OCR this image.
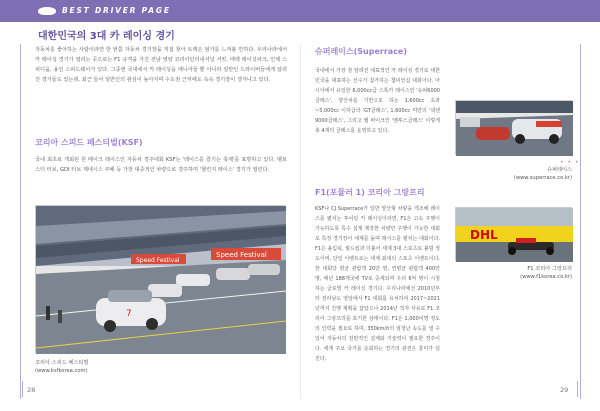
BEST DRIVER PAGE
대한민국의 3대 카 레이싱 경기
자동차를 좋아하는 사람이라면 한 번쯤 자동차 경기장을 직접 찾아 트랙은 엄가를 느껴볼 만하다. 우리나라에서 카 레이싱 경기가 열리는 곳으로는 F1 규격을 가진 전남 영암 코리아인터내셔널 서킷, 태백 레이싱파크, 인제 스피디움, 용인 스피드웨이가 있다. 그중엔 국내에서 카 레이싱을 매니아들 뿐 아니라 일반인 드라이버들에게 알려진 경기들도 있는데, 최근 들어 일반인의 관심이 높아지며 수도권 근처에도 속속 경기장이 생겨나고 있다.
코리아 스피드 페스티벌(KSF)
국내 최초로 개최된 원 메이크 레이스인 자동차 경주대회 KSF는 '레이스를 즐기는 축제'를 표방하고 있다. 벨로스터 터보, GDI 터보 제네시스 쿠페 등 가장 대중적인 차량으로 경주하며 '챌린지 레이스' 경기가 열린다.
Speed Festival
Speed Festival
7
코리아 스피드 페스티벌 (www.ksfkorea.com)
28
슈퍼레이스(Superrace)
국내에서 가장 잘 알려진 대표적인 카 레이싱 경기로 대한민국을 대표하는 선수가 참가하는 챔피언십 대회이다. 아시아에서 유일한 6,000cc급 스톡카 레이스인 '슈퍼6000클래스', 양산차를 기반으로 하는 1,600cc 초과~5,000cc 이하급의 'GT클래스', 1,600cc 미만의 '넥센9000클래스', 그리고 랩 바이크인 '벤투스클래스' 이렇게 총 4개의 클래스를 운영하고 있다.
• • •
슈퍼레이스 (www.superrace.co.kr)
F1(포뮬러 1) 코리아 그랑프리
KSF나 CJ Superrace가 일반 양산형 차량을 개조해 레이스를 펼치는 투어링 카 레이싱이라면, F1은 고속 주행이 가능하도록 특수 설계 제작한 차량만 주행이 가능한 대회로 특정 경기장이 세계를 돌며 레이스를 펼치는 대회이다. F1은 올림픽, 월드컵과 더불어 세계 3대 스포츠로 불릴 정도이며, 단일 이벤트로는 세계 최대의 스포츠 이벤트이다. 한 대회당 평균 관람객 20만 명, 연평균 관람객 400만 명, 매년 188개국에 TV로 중계되며 우리 6억 명이 시청하는 글로벌 카 레이싱 경기다. 우리나라에선 2010년부터 전라남도 영암에서 F1 대회를 유치하여 2017~2021년까지 진행 계획을 잡았으나 2014년 적자 사유로 F1 코리아 그랑프리를 포기한 상태이다. F1은 1,000여명 정도의 인력을 필요로 하며, 350km/h의 엄청난 속도를 낼 수 있어 자동차의 전반적인 설계와 기술력이 필요한 경주이다. 세계 주요 국가를 순회하는 경기의 관전은 흥미가 넘친다.
DHL
F1 코리아 그랑프리 (www.f1korea.co.kr)
29
